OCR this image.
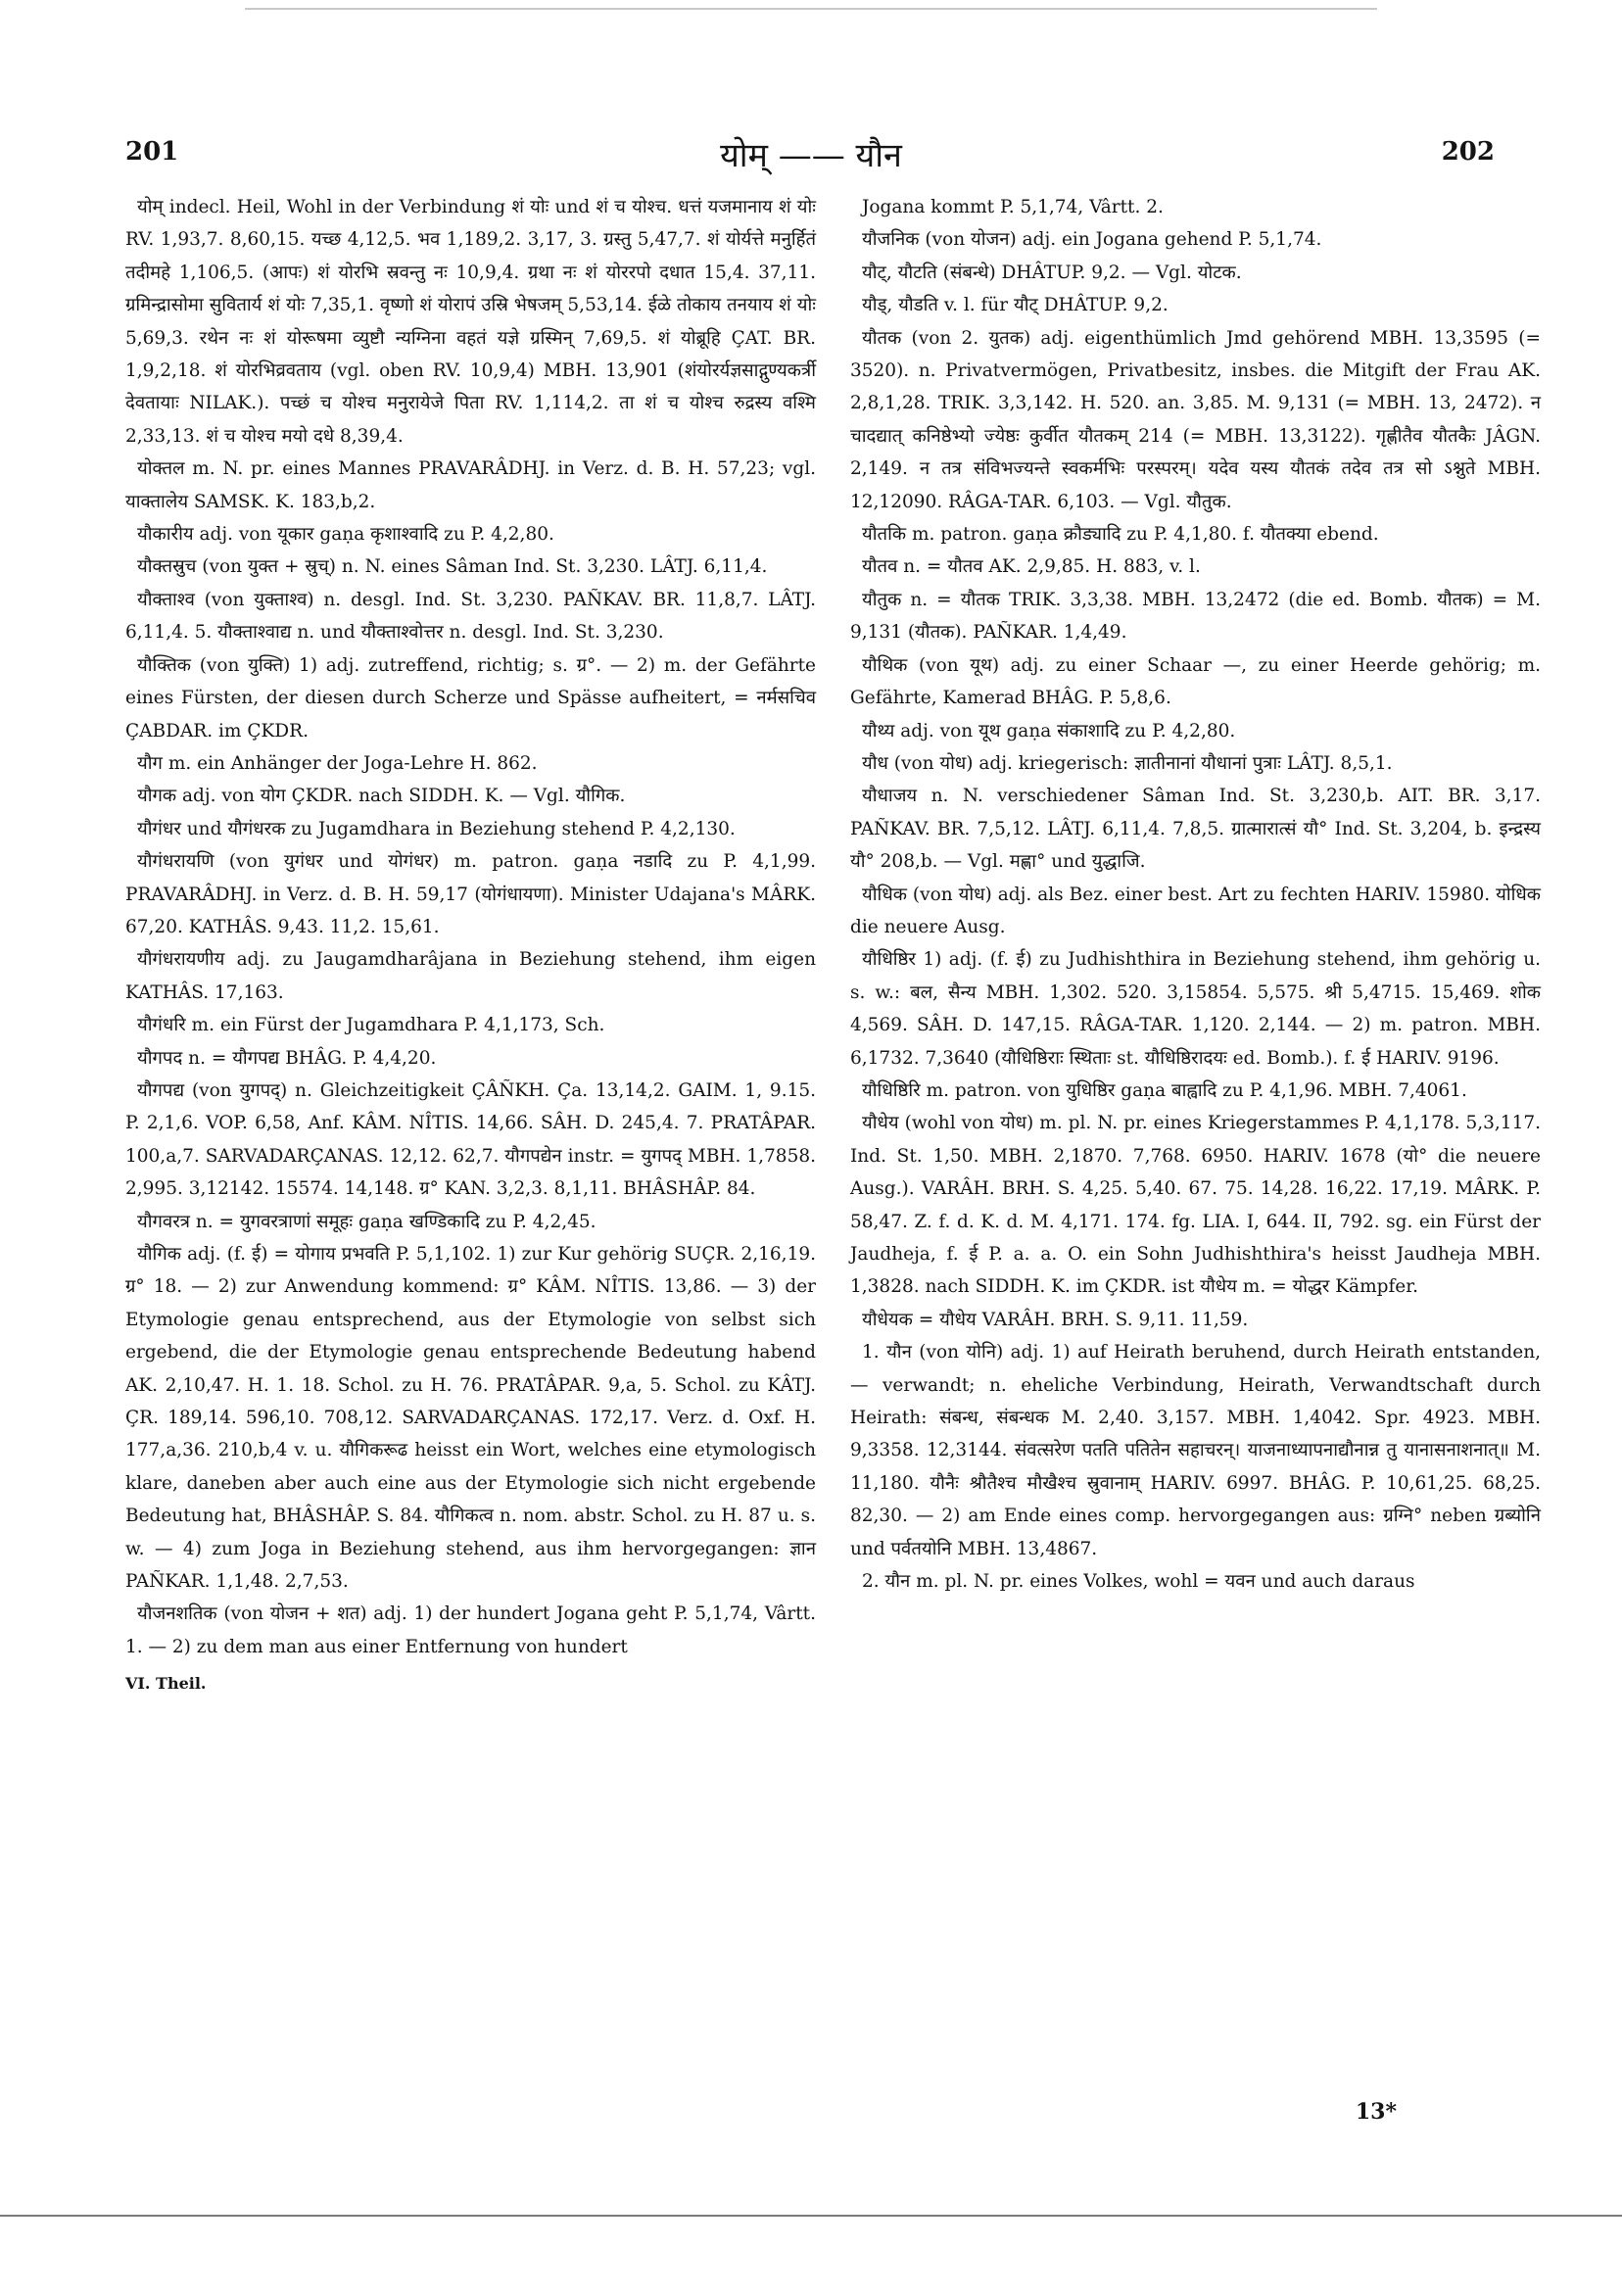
201	योम् —— यौन	202

योम् indecl. Heil, Wohl in der Verbindung शं योः und शं च योश्च. धत्तं यजमानाय शं योः RV. 1,93,7. 8,60,15. यच्छ 4,12,5. भव 1,189,2. 3,17, 3. ग्रस्तु 5,47,7. शं योर्यत्ते मनुर्हितं तदीमहे 1,106,5. (आपः) शं योरभि स्रवन्तु नः 10,9,4. ग्रथा नः शं योररपो दधात 15,4. 37,11. ग्रमिन्द्रासोमा सुवितार्य शं योः 7,35,1. वृष्णो शं योरापं उस्रि भेषजम् 5,53,14. ईळे तोकाय तनयाय शं योः 5,69,3. रथेन नः शं योरूषमा व्युष्टौ न्यग्निना वहतं यज्ञे ग्रस्मिन् 7,69,5. शं योब्रूहि ÇAT. BR. 1,9,2,18. शं योरभिव्रवताय (vgl. oben RV. 10,9,4) MBH. 13,901 (शंयोरर्यज्ञसाद्गुण्यकर्त्री देवतायाः NILAK.). पच्छं च योश्च मनुरायेजे पिता RV. 1,114,2. ता शं च योश्च रुद्रस्य वश्मि 2,33,13. शं च योश्च मयो दधे 8,39,4.

योक्तल m. N. pr. eines Mannes PRAVARÂDHJ. in Verz. d. B. H. 57,23; vgl. याक्तालेय SAMSK. K. 183,b,2.

यौकारीय adj. von यूकार gaṇa कृशाश्वादि zu P. 4,2,80.

यौक्तस्रुच (von युक्त + स्रुच्) n. N. eines Sâman Ind. St. 3,230. LÂTJ. 6,11,4.

यौक्ताश्व (von युक्ताश्व) n. desgl. Ind. St. 3,230. PAÑKAV. BR. 11,8,7. LÂTJ. 6,11,4. 5. यौक्ताश्वाद्य n. und यौक्ताश्वोत्तर n. desgl. Ind. St. 3,230.

यौक्तिक (von युक्ति) 1) adj. zutreffend, richtig; s. ग्र°. — 2) m. der Gefährte eines Fürsten, der diesen durch Scherze und Spässe aufheitert, = नर्मसचिव ÇABDAR. im ÇKDR.

यौग m. ein Anhänger der Joga-Lehre H. 862.

यौगक adj. von योग ÇKDR. nach SIDDH. K. — Vgl. यौगिक.

यौगंधर und यौगंधरक zu Jugamdhara in Beziehung stehend P. 4,2,130.

यौगंधरायणि (von युगंधर und योगंधर) m. patron. gaṇa नडादि zu P. 4,1,99. PRAVARÂDHJ. in Verz. d. B. H. 59,17 (योगंधायणा). Minister Udajana's MÂRK. 67,20. KATHÂS. 9,43. 11,2. 15,61.

यौगंधरायणीय adj. zu Jaugamdharâjana in Beziehung stehend, ihm eigen KATHÂS. 17,163.

यौगंधरि m. ein Fürst der Jugamdhara P. 4,1,173, Sch.

यौगपद n. = यौगपद्य BHÂG. P. 4,4,20.

यौगपद्य (von युगपद्) n. Gleichzeitigkeit ÇÂÑKH. Ça. 13,14,2. GAIM. 1, 9.15. P. 2,1,6. VOP. 6,58, Anf. KÂM. NÎTIS. 14,66. SÂH. D. 245,4. 7. PRATÂPAR. 100,a,7. SARVADARÇANAS. 12,12. 62,7. यौगपद्येन instr. = युगपद् MBH. 1,7858. 2,995. 3,12142. 15574. 14,148. ग्र° KAN. 3,2,3. 8,1,11. BHÂSHÂP. 84.

यौगवरत्र n. = युगवरत्राणां समूहः gaṇa खण्डिकादि zu P. 4,2,45.

यौगिक adj. (f. ई) = योगाय प्रभवति P. 5,1,102. 1) zur Kur gehörig SUÇR. 2,16,19. ग्र° 18. — 2) zur Anwendung kommend: ग्र° KÂM. NÎTIS. 13,86. — 3) der Etymologie genau entsprechend, aus der Etymologie von selbst sich ergebend, die der Etymologie genau entsprechende Bedeutung habend AK. 2,10,47. H. 1. 18. Schol. zu H. 76. PRATÂPAR. 9,a, 5. Schol. zu KÂTJ. ÇR. 189,14. 596,10. 708,12. SARVADARÇANAS. 172,17. Verz. d. Oxf. H. 177,a,36. 210,b,4 v. u. यौगिकरूढ heisst ein Wort, welches eine etymologisch klare, daneben aber auch eine aus der Etymologie sich nicht ergebende Bedeutung hat, BHÂSHÂP. S. 84. यौगिकत्व n. nom. abstr. Schol. zu H. 87 u. s. w. — 4) zum Joga in Beziehung stehend, aus ihm hervorgegangen: ज्ञान PAÑKAR. 1,1,48. 2,7,53.

यौजनशतिक (von योजन + शत) adj. 1) der hundert Jogana geht P. 5,1,74, Vârtt. 1. — 2) zu dem man aus einer Entfernung von hundert

VI. Theil.

Jogana kommt P. 5,1,74, Vârtt. 2.

यौजनिक (von योजन) adj. ein Jogana gehend P. 5,1,74.

यौट्, यौटति (संबन्धे) DHÂTUP. 9,2. — Vgl. योटक.

यौड्, यौडति v. l. für यौट् DHÂTUP. 9,2.

यौतक (von 2. युतक) adj. eigenthümlich Jmd gehörend MBH. 13,3595 (= 3520). n. Privatvermögen, Privatbesitz, insbes. die Mitgift der Frau AK. 2,8,1,28. TRIK. 3,3,142. H. 520. an. 3,85. M. 9,131 (= MBH. 13, 2472). न चादद्यात् कनिष्ठेभ्यो ज्येष्ठः कुर्वीत यौतकम् 214 (= MBH. 13,3122). गृह्णीतैव यौतकैः JÂGN. 2,149. न तत्र संविभज्यन्ते स्वकर्मभिः परस्परम्। यदेव यस्य यौतकं तदेव तत्र सो ऽश्नुते MBH. 12,12090. RÂGA-TAR. 6,103. — Vgl. यौतुक.

यौतकि m. patron. gaṇa क्रौड्यादि zu P. 4,1,80. f. यौतक्या ebend.

यौतव n. = यौतव AK. 2,9,85. H. 883, v. l.

यौतुक n. = यौतक TRIK. 3,3,38. MBH. 13,2472 (die ed. Bomb. यौतक) = M. 9,131 (यौतक). PAÑKAR. 1,4,49.

यौथिक (von यूथ) adj. zu einer Schaar —, zu einer Heerde gehörig; m. Gefährte, Kamerad BHÂG. P. 5,8,6.

यौथ्य adj. von यूथ gaṇa संकाशादि zu P. 4,2,80.

यौध (von योध) adj. kriegerisch: ज्ञातीनानां यौधानां पुत्राः LÂTJ. 8,5,1.

यौधाजय n. N. verschiedener Sâman Ind. St. 3,230,b. AIT. BR. 3,17. PAÑKAV. BR. 7,5,12. LÂTJ. 6,11,4. 7,8,5. ग्रात्मारात्सं यौ° Ind. St. 3,204, b. इन्द्रस्य यौ° 208,b. — Vgl. मह्णा° und युद्धाजि.

यौधिक (von योध) adj. als Bez. einer best. Art zu fechten HARIV. 15980. योधिक die neuere Ausg.

यौधिष्ठिर 1) adj. (f. ई) zu Judhishthira in Beziehung stehend, ihm gehörig u. s. w.: बल, सैन्य MBH. 1,302. 520. 3,15854. 5,575. श्री 5,4715. 15,469. शोक 4,569. SÂH. D. 147,15. RÂGA-TAR. 1,120. 2,144. — 2) m. patron. MBH. 6,1732. 7,3640 (यौधिष्ठिराः स्थिताः st. यौधिष्ठिरादयः ed. Bomb.). f. ई HARIV. 9196.

यौधिष्ठिरि m. patron. von युधिष्ठिर gaṇa बाह्वादि zu P. 4,1,96. MBH. 7,4061.

यौधेय (wohl von योध) m. pl. N. pr. eines Kriegerstammes P. 4,1,178. 5,3,117. Ind. St. 1,50. MBH. 2,1870. 7,768. 6950. HARIV. 1678 (यो° die neuere Ausg.). VARÂH. BRH. S. 4,25. 5,40. 67. 75. 14,28. 16,22. 17,19. MÂRK. P. 58,47. Z. f. d. K. d. M. 4,171. 174. fg. LIA. I, 644. II, 792. sg. ein Fürst der Jaudheja, f. ई P. a. a. O. ein Sohn Judhishthira's heisst Jaudheja MBH. 1,3828. nach SIDDH. K. im ÇKDR. ist यौधेय m. = योद्धर Kämpfer.

यौधेयक = यौधेय VARÂH. BRH. S. 9,11. 11,59.

1. यौन (von योनि) adj. 1) auf Heirath beruhend, durch Heirath entstanden, — verwandt; n. eheliche Verbindung, Heirath, Verwandtschaft durch Heirath: संबन्ध, संबन्धक M. 2,40. 3,157. MBH. 1,4042. Spr. 4923. MBH. 9,3358. 12,3144. संवत्सरेण पतति पतितेन सहाचरन्। याजनाध्यापनाद्यौनान्न तु यानासनाशनात्॥ M. 11,180. यौनैः श्रौतैश्च मौखैश्च स्रुवानाम् HARIV. 6997. BHÂG. P. 10,61,25. 68,25. 82,30. — 2) am Ende eines comp. hervorgegangen aus: ग्रग्नि° neben ग्रब्योनि und पर्वतयोनि MBH. 13,4867.

2. यौन m. pl. N. pr. eines Volkes, wohl = यवन und auch daraus

13*
